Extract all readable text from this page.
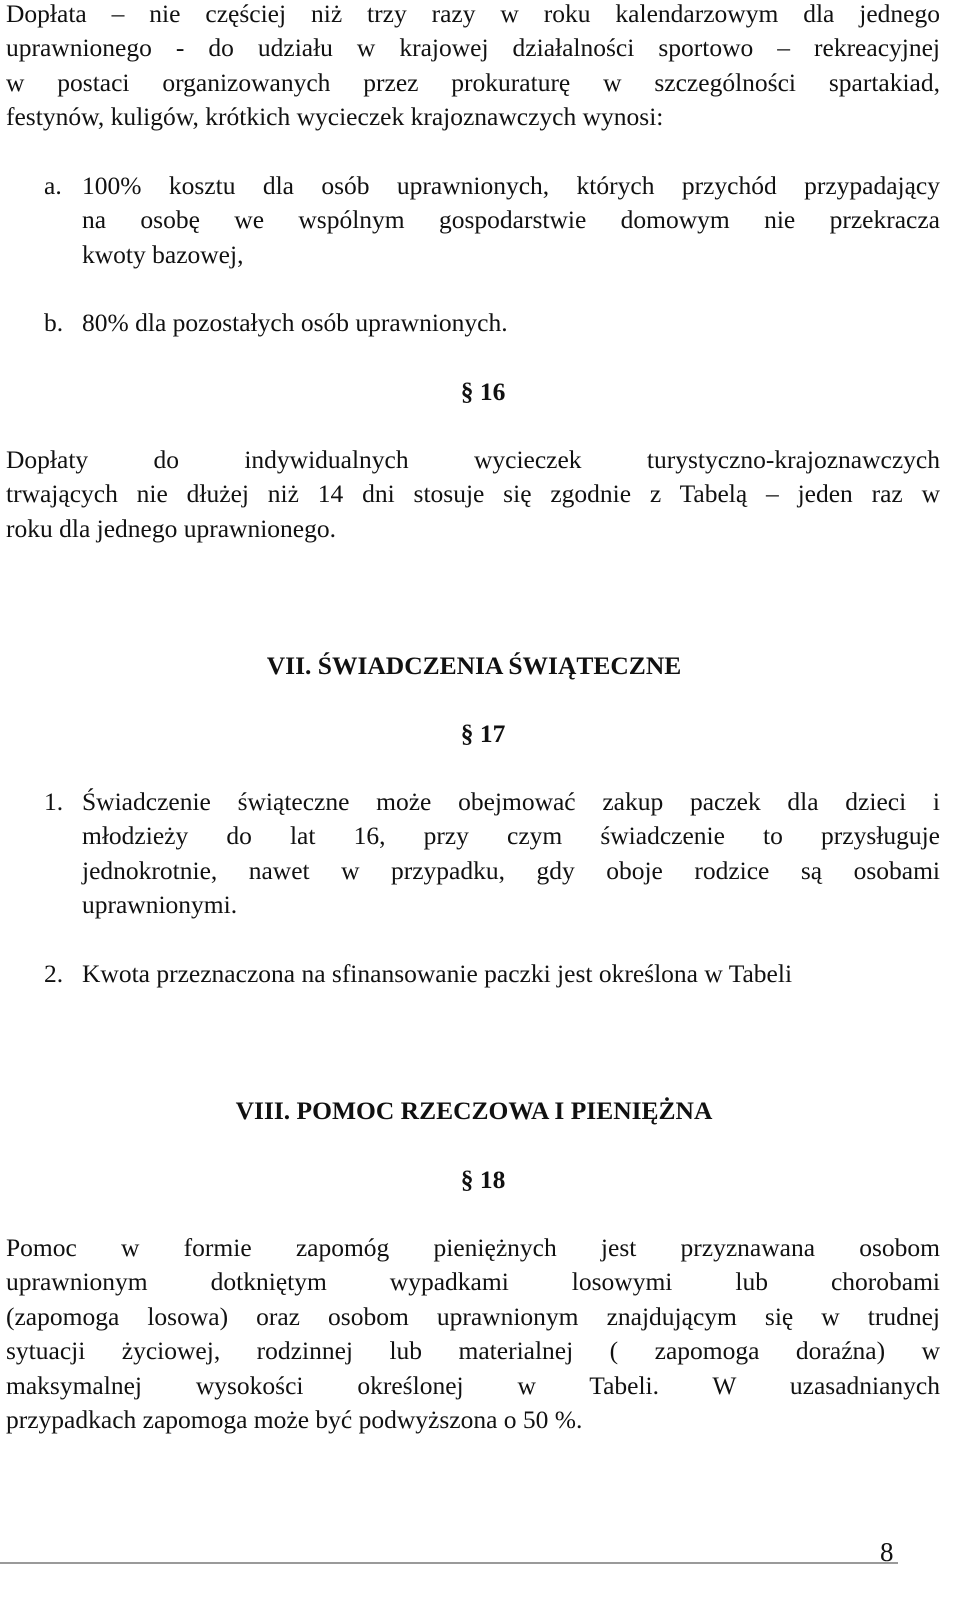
Dopłata – nie częściej niż trzy razy w roku kalendarzowym dla jednego
uprawnionego - do udziału w krajowej działalności sportowo – rekreacyjnej
w postaci organizowanych przez prokuraturę w szczególności spartakiad,
festynów, kuligów, krótkich wycieczek krajoznawczych wynosi:
a. 100% kosztu dla osób uprawnionych, których przychód przypadający
na osobę we wspólnym gospodarstwie domowym nie przekracza
kwoty bazowej,
b. 80% dla pozostałych osób uprawnionych.
§ 16
Dopłaty do indywidualnych wycieczek turystyczno-krajoznawczych
trwających nie dłużej niż 14 dni stosuje się zgodnie z Tabelą – jeden raz w
roku dla jednego uprawnionego.
VII. ŚWIADCZENIA ŚWIĄTECZNE
§ 17
1. Świadczenie świąteczne może obejmować zakup paczek dla dzieci i
młodzieży do lat 16, przy czym świadczenie to przysługuje
jednokrotnie, nawet w przypadku, gdy oboje rodzice są osobami
uprawnionymi.
2. Kwota przeznaczona na sfinansowanie paczki jest określona w Tabeli
VIII. POMOC RZECZOWA I PIENIĘŻNA
§ 18
Pomoc w formie zapomóg pieniężnych jest przyznawana osobom
uprawnionym dotkniętym wypadkami losowymi lub chorobami
(zapomoga losowa) oraz osobom uprawnionym znajdującym się w trudnej
sytuacji życiowej, rodzinnej lub materialnej ( zapomoga doraźna) w
maksymalnej wysokości określonej w Tabeli. W uzasadnianych
przypadkach zapomoga może być podwyższona o 50 %.
8
